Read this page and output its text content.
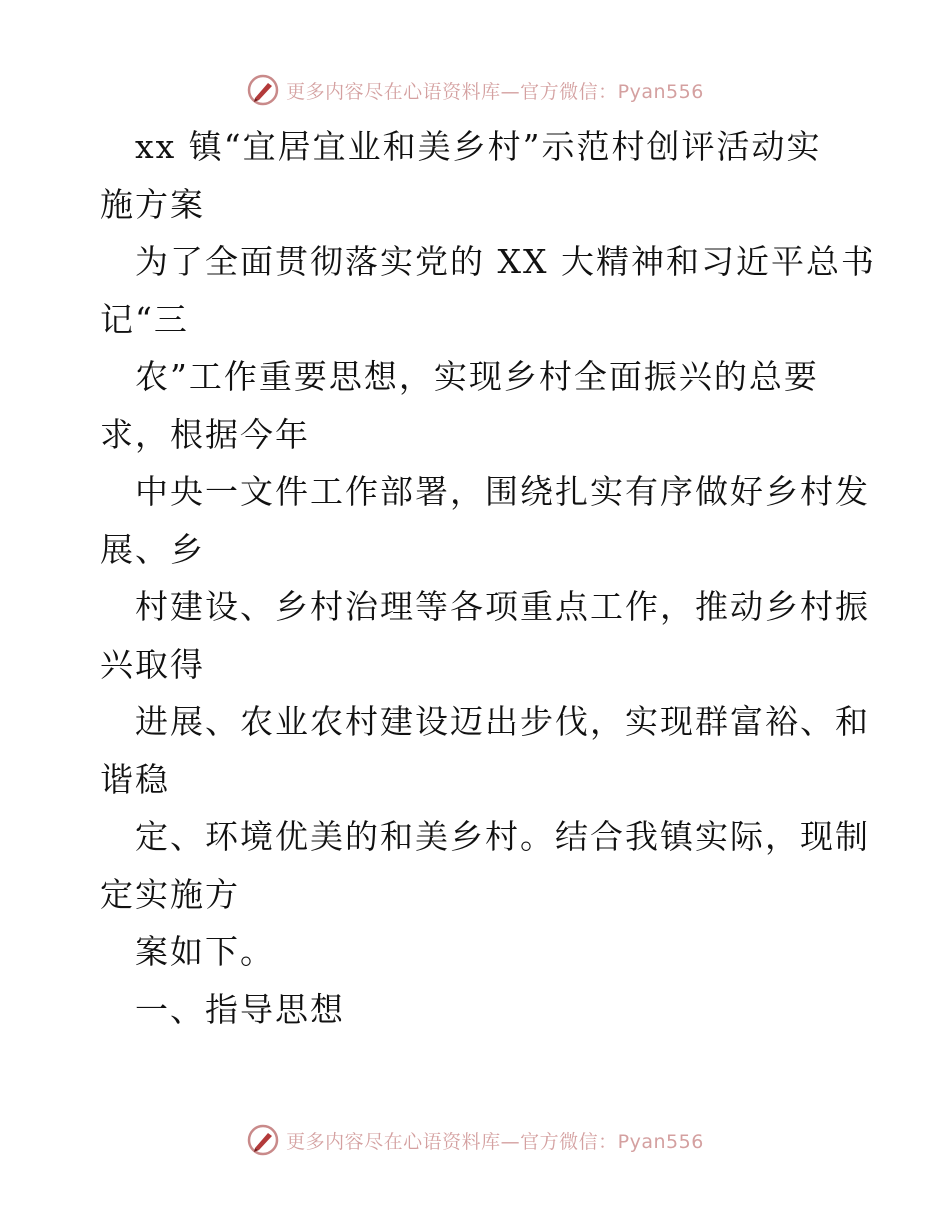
更多内容尽在心语资料库—官方微信：Pyan556
xx 镇“宜居宜业和美乡村”示范村创评活动实
施方案
为了全面贯彻落实党的 XX 大精神和习近平总书
记“三
农”工作重要思想，实现乡村全面振兴的总要
求，根据今年
中央一文件工作部署，围绕扎实有序做好乡村发
展、乡
村建设、乡村治理等各项重点工作，推动乡村振
兴取得
进展、农业农村建设迈出步伐，实现群富裕、和
谐稳
定、环境优美的和美乡村。结合我镇实际，现制
定实施方
案如下。
一、指导思想
更多内容尽在心语资料库—官方微信：Pyan556
